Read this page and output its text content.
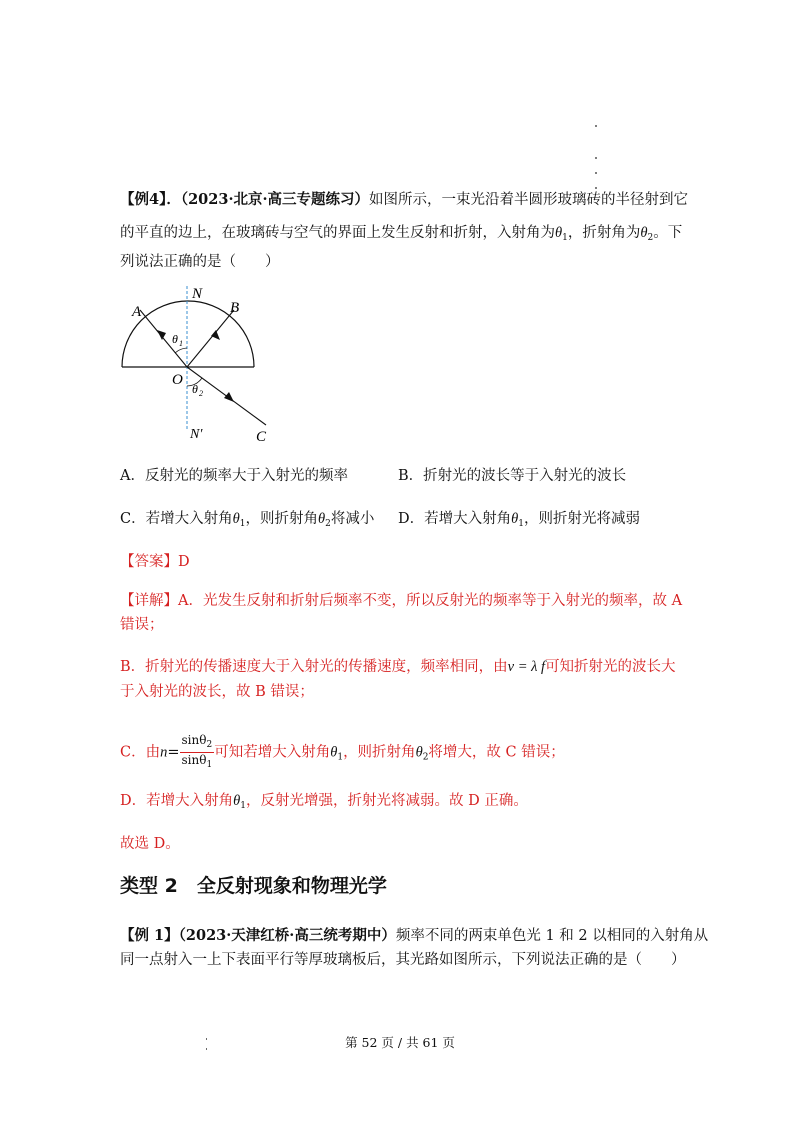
【例4】．（2023·北京·高三专题练习）如图所示，一束光沿着半圆形玻璃砖的半径射到它
的平直的边上，在玻璃砖与空气的界面上发生反射和折射，入射角为$\theta_1$，折射角为$\theta_2$。下
列说法正确的是（　　）
A
N
B
θ 1
O
θ 2
N′	C
A．反射光的频率大于入射光的频率	B．折射光的波长等于入射光的波长
C．若增大入射角$\theta_1$，则折射角$\theta_2$将减小 D．若增大入射角$\theta_1$，则折射光将减弱
【答案】D
【详解】A．光发生反射和折射后频率不变，所以反射光的频率等于入射光的频率，故 A
错误；
B．折射光的传播速度大于入射光的传播速度，频率相同，由v = λ f可知折射光的波长大
于入射光的波长，故 B 错误；
C．由$n= \frac{\sin\theta_2}{\sin\theta_1}$ 可知若增大入射角$\theta_1$，则折射角$\theta_2$将增大，故 C 错误；
D．若增大入射角$\theta_1$，反射光增强，折射光将减弱。故 D 正确。
故选 D。
类型 2　全反射现象和物理光学
【例 1】（2023·天津红桥·高三统考期中）频率不同的两束单色光 1 和 2 以相同的入射角从
同一点射入一上下表面平行等厚玻璃板后，其光路如图所示，下列说法正确的是（　　）
第 52 页 / 共 61 页
